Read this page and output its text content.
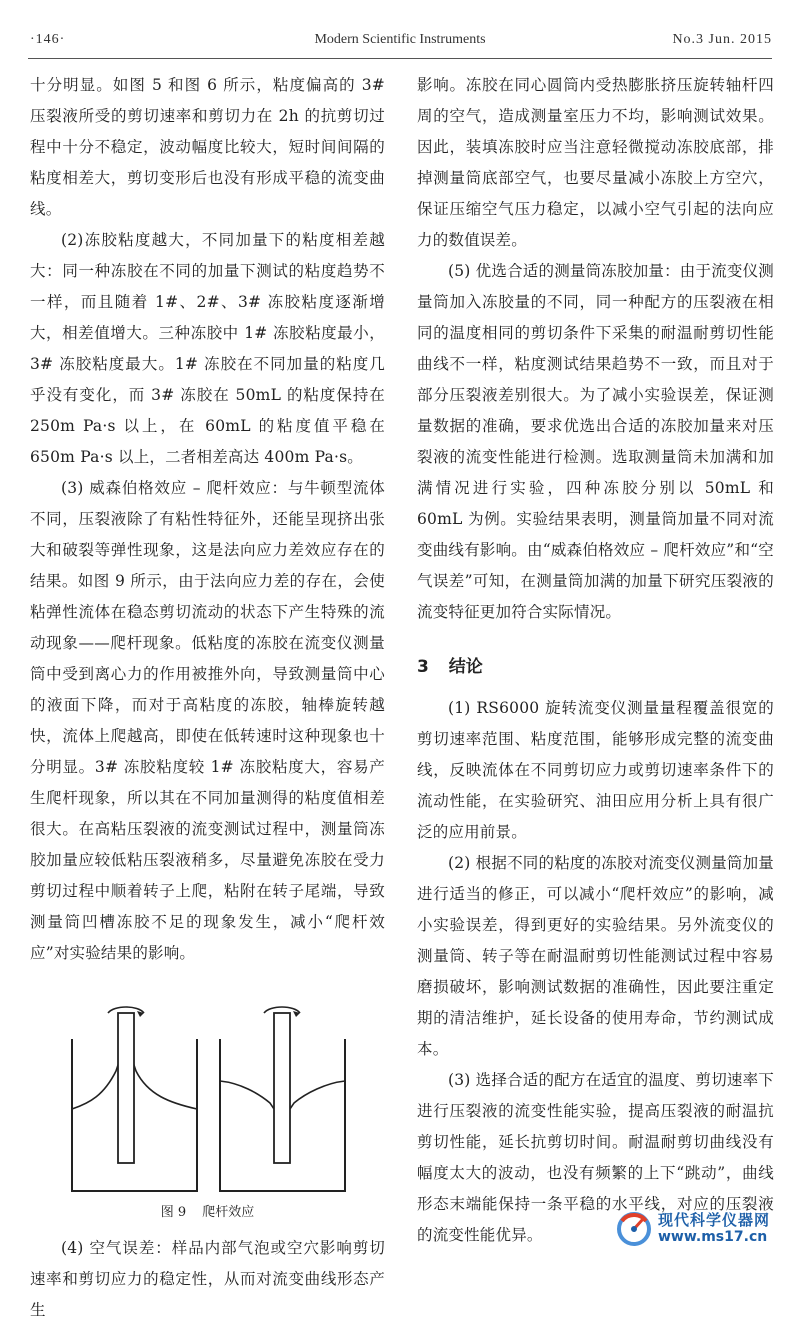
·146·	Modern Scientific Instruments	No.3 Jun. 2015

十分明显。如图 5 和图 6 所示，粘度偏高的 3# 压裂液所受的剪切速率和剪切力在 2h 的抗剪切过程中十分不稳定，波动幅度比较大，短时间间隔的粘度相差大，剪切变形后也没有形成平稳的流变曲线。

(2)冻胶粘度越大，不同加量下的粘度相差越大：同一种冻胶在不同的加量下测试的粘度趋势不一样，而且随着 1#、2#、3# 冻胶粘度逐渐增大，相差值增大。三种冻胶中 1# 冻胶粘度最小，3# 冻胶粘度最大。1# 冻胶在不同加量的粘度几乎没有变化，而 3# 冻胶在 50mL 的粘度保持在 250m Pa·s 以上，在 60mL 的粘度值平稳在 650m Pa·s 以上，二者相差高达 400m Pa·s。

(3) 威森伯格效应 – 爬杆效应：与牛顿型流体不同，压裂液除了有粘性特征外，还能呈现挤出张大和破裂等弹性现象，这是法向应力差效应存在的结果。如图 9 所示，由于法向应力差的存在，会使粘弹性流体在稳态剪切流动的状态下产生特殊的流动现象——爬杆现象。低粘度的冻胶在流变仪测量筒中受到离心力的作用被推外向，导致测量筒中心的液面下降，而对于高粘度的冻胶，轴棒旋转越快，流体上爬越高，即使在低转速时这种现象也十分明显。3# 冻胶粘度较 1# 冻胶粘度大，容易产生爬杆现象，所以其在不同加量测得的粘度值相差很大。在高粘压裂液的流变测试过程中，测量筒冻胶加量应较低粘压裂液稍多，尽量避免冻胶在受力剪切过程中顺着转子上爬，粘附在转子尾端，导致测量筒凹槽冻胶不足的现象发生，减小“爬杆效应”对实验结果的影响。

图 9 爬杆效应

(4) 空气误差：样品内部气泡或空穴影响剪切速率和剪切应力的稳定性，从而对流变曲线形态产生

影响。冻胶在同心圆筒内受热膨胀挤压旋转轴杆四周的空气，造成测量室压力不均，影响测试效果。因此，装填冻胶时应当注意轻微搅动冻胶底部，排掉测量筒底部空气，也要尽量减小冻胶上方空穴，保证压缩空气压力稳定，以减小空气引起的法向应力的数值误差。

(5) 优选合适的测量筒冻胶加量：由于流变仪测量筒加入冻胶量的不同，同一种配方的压裂液在相同的温度相同的剪切条件下采集的耐温耐剪切性能曲线不一样，粘度测试结果趋势不一致，而且对于部分压裂液差别很大。为了减小实验误差，保证测量数据的准确，要求优选出合适的冻胶加量来对压裂液的流变性能进行检测。选取测量筒未加满和加满情况进行实验，四种冻胶分别以 50mL 和 60mL 为例。实验结果表明，测量筒加量不同对流变曲线有影响。由“威森伯格效应 – 爬杆效应”和“空气误差”可知，在测量筒加满的加量下研究压裂液的流变特征更加符合实际情况。

3 结论

(1) RS6000 旋转流变仪测量量程覆盖很宽的剪切速率范围、粘度范围，能够形成完整的流变曲线，反映流体在不同剪切应力或剪切速率条件下的流动性能，在实验研究、油田应用分析上具有很广泛的应用前景。

(2) 根据不同的粘度的冻胶对流变仪测量筒加量进行适当的修正，可以减小“爬杆效应”的影响，减小实验误差，得到更好的实验结果。另外流变仪的测量筒、转子等在耐温耐剪切性能测试过程中容易磨损破坏，影响测试数据的准确性，因此要注重定期的清洁维护，延长设备的使用寿命，节约测试成本。

(3) 选择合适的配方在适宜的温度、剪切速率下进行压裂液的流变性能实验，提高压裂液的耐温抗剪切性能，延长抗剪切时间。耐温耐剪切曲线没有幅度太大的波动，也没有频繁的上下“跳动”，曲线形态末端能保持一条平稳的水平线，对应的压裂液的流变性能优异。

现代科学仪器网
www.ms17.cn
